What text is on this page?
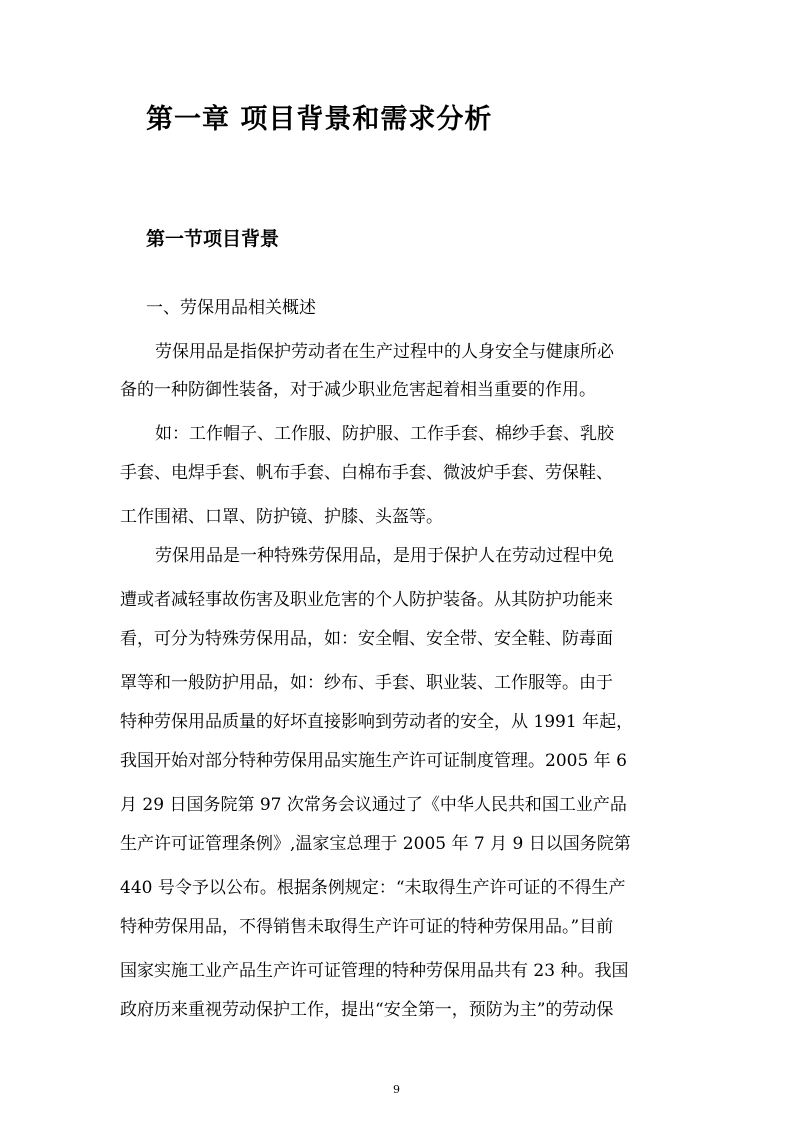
第一章 项目背景和需求分析
第一节项目背景

一、劳保用品相关概述

劳保用品是指保护劳动者在生产过程中的人身安全与健康所必

备的一种防御性装备，对于减少职业危害起着相当重要的作用。

如：工作帽子、工作服、防护服、工作手套、棉纱手套、乳胶

手套、电焊手套、帆布手套、白棉布手套、微波炉手套、劳保鞋、

工作围裙、口罩、防护镜、护膝、头盔等。

劳保用品是一种特殊劳保用品，是用于保护人在劳动过程中免

遭或者减轻事故伤害及职业危害的个人防护装备。从其防护功能来

看，可分为特殊劳保用品，如：安全帽、安全带、安全鞋、防毒面

罩等和一般防护用品，如：纱布、手套、职业装、工作服等。由于

特种劳保用品质量的好坏直接影响到劳动者的安全，从 1991 年起，

我国开始对部分特种劳保用品实施生产许可证制度管理。2005 年 6

月 29 日国务院第 97 次常务会议通过了《中华人民共和国工业产品

生产许可证管理条例》,温家宝总理于 2005 年 7 月 9 日以国务院第

440 号令予以公布。根据条例规定：“未取得生产许可证的不得生产

特种劳保用品，不得销售未取得生产许可证的特种劳保用品。”目前

国家实施工业产品生产许可证管理的特种劳保用品共有 23 种。我国

政府历来重视劳动保护工作，提出“安全第一，预防为主”的劳动保

9
